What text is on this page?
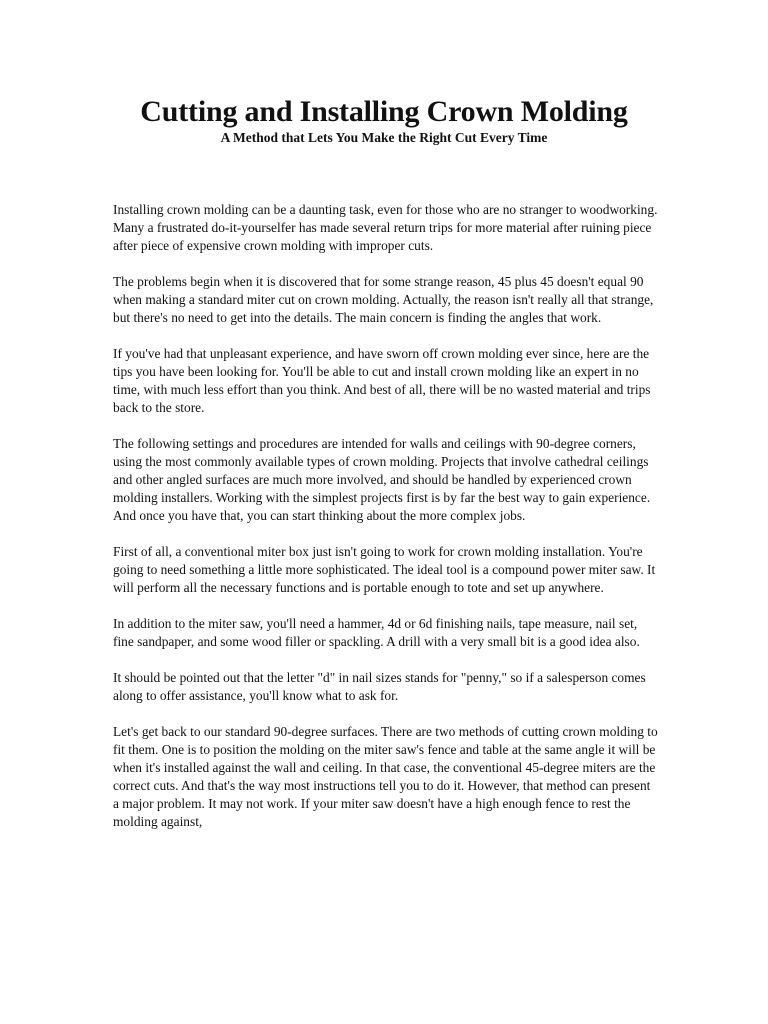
Cutting and Installing Crown Molding
A Method that Lets You Make the Right Cut Every Time

Installing crown molding can be a daunting task, even for those who are no stranger to woodworking. Many a frustrated do-it-yourselfer has made several return trips for more material after ruining piece after piece of expensive crown molding with improper cuts.

The problems begin when it is discovered that for some strange reason, 45 plus 45 doesn't equal 90 when making a standard miter cut on crown molding. Actually, the reason isn't really all that strange, but there's no need to get into the details. The main concern is finding the angles that work.

If you've had that unpleasant experience, and have sworn off crown molding ever since, here are the tips you have been looking for. You'll be able to cut and install crown molding like an expert in no time, with much less effort than you think. And best of all, there will be no wasted material and trips back to the store.

The following settings and procedures are intended for walls and ceilings with 90-degree corners, using the most commonly available types of crown molding. Projects that involve cathedral ceilings and other angled surfaces are much more involved, and should be handled by experienced crown molding installers. Working with the simplest projects first is by far the best way to gain experience. And once you have that, you can start thinking about the more complex jobs.

First of all, a conventional miter box just isn't going to work for crown molding installation. You're going to need something a little more sophisticated. The ideal tool is a compound power miter saw. It will perform all the necessary functions and is portable enough to tote and set up anywhere.

In addition to the miter saw, you'll need a hammer, 4d or 6d finishing nails, tape measure, nail set, fine sandpaper, and some wood filler or spackling. A drill with a very small bit is a good idea also.

It should be pointed out that the letter "d" in nail sizes stands for "penny," so if a salesperson comes along to offer assistance, you'll know what to ask for.

Let's get back to our standard 90-degree surfaces. There are two methods of cutting crown molding to fit them. One is to position the molding on the miter saw's fence and table at the same angle it will be when it's installed against the wall and ceiling. In that case, the conventional 45-degree miters are the correct cuts. And that's the way most instructions tell you to do it. However, that method can present a major problem. It may not work. If your miter saw doesn't have a high enough fence to rest the molding against,
